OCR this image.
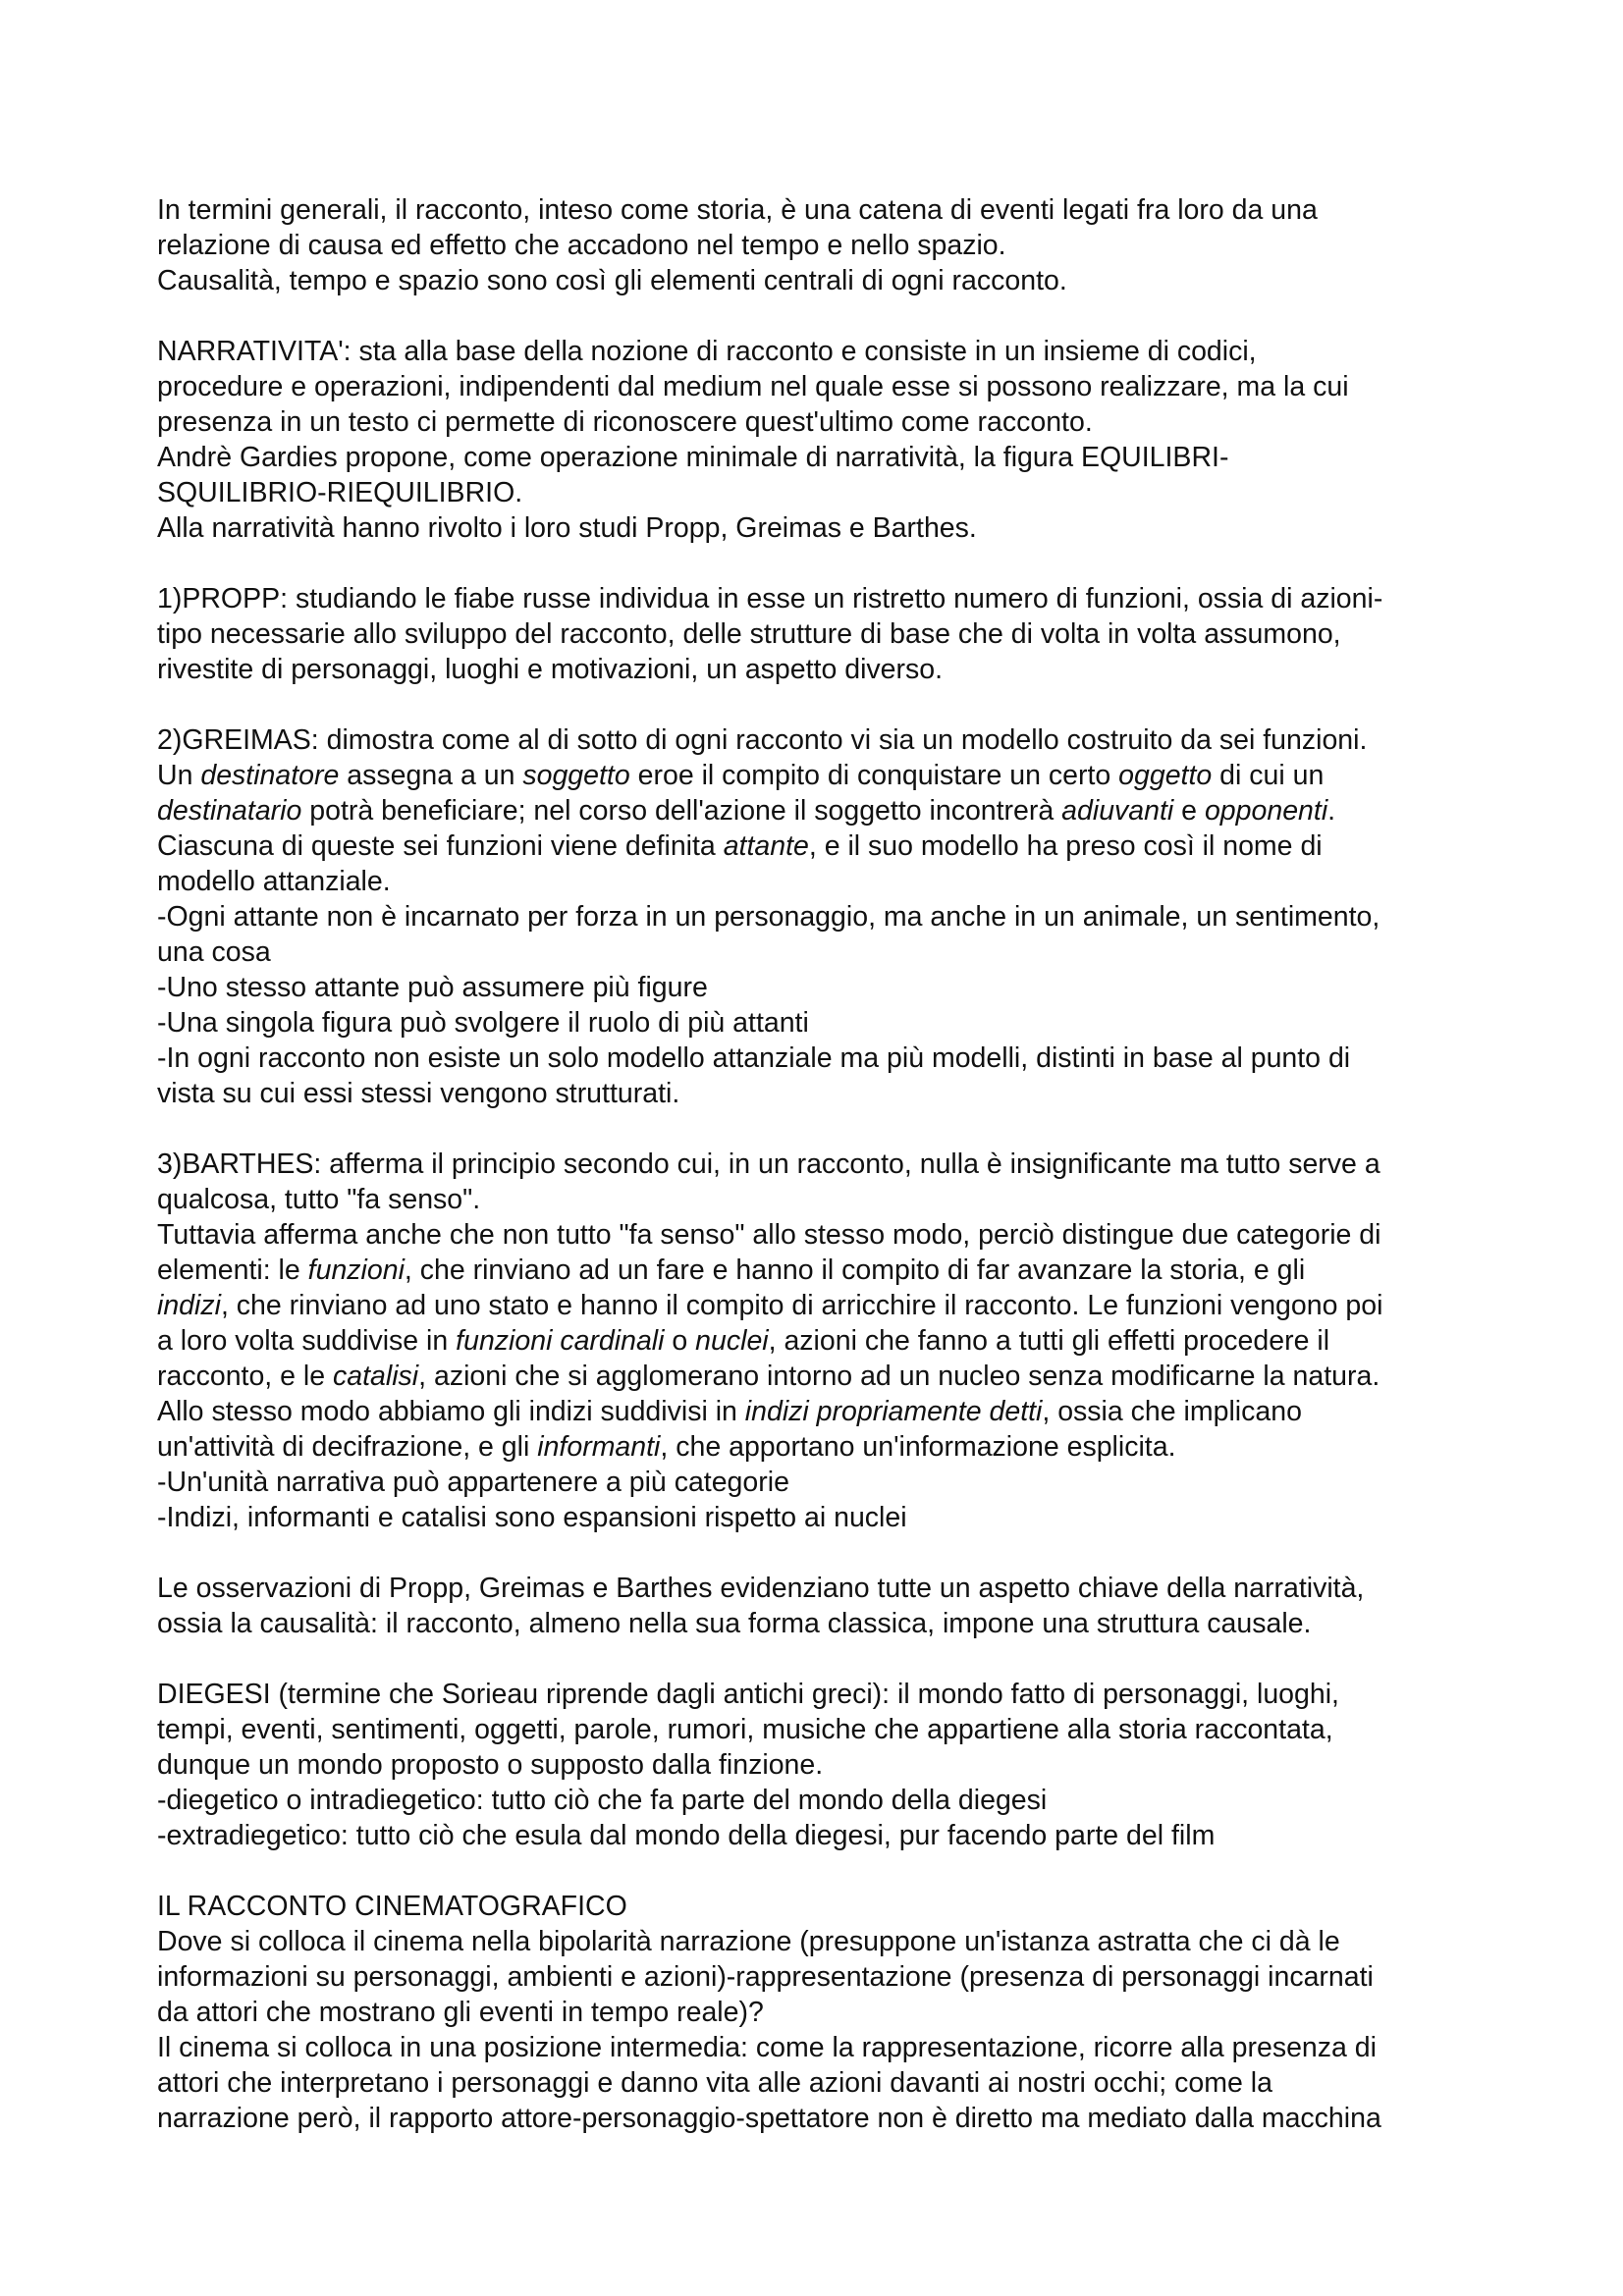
In termini generali, il racconto, inteso come storia, è una catena di eventi legati fra loro da una
relazione di causa ed effetto che accadono nel tempo e nello spazio.
Causalità, tempo e spazio sono così gli elementi centrali di ogni racconto.
NARRATIVITA': sta alla base della nozione di racconto e consiste in un insieme di codici,
procedure e operazioni, indipendenti dal medium nel quale esse si possono realizzare, ma la cui
presenza in un testo ci permette di riconoscere quest'ultimo come racconto.
Andrè Gardies propone, come operazione minimale di narratività, la figura EQUILIBRI-
SQUILIBRIO-RIEQUILIBRIO.
Alla narratività hanno rivolto i loro studi Propp, Greimas e Barthes.
1)PROPP: studiando le fiabe russe individua in esse un ristretto numero di funzioni, ossia di azioni-
tipo necessarie allo sviluppo del racconto, delle strutture di base che di volta in volta assumono,
rivestite di personaggi, luoghi e motivazioni, un aspetto diverso.
2)GREIMAS: dimostra come al di sotto di ogni racconto vi sia un modello costruito da sei funzioni.
Un destinatore assegna a un soggetto eroe il compito di conquistare un certo oggetto di cui un
destinatario potrà beneficiare; nel corso dell'azione il soggetto incontrerà adiuvanti e opponenti.
Ciascuna di queste sei funzioni viene definita attante, e il suo modello ha preso così il nome di
modello attanziale.
-Ogni attante non è incarnato per forza in un personaggio, ma anche in un animale, un sentimento,
una cosa
-Uno stesso attante può assumere più figure
-Una singola figura può svolgere il ruolo di più attanti
-In ogni racconto non esiste un solo modello attanziale ma più modelli, distinti in base al punto di
vista su cui essi stessi vengono strutturati.
3)BARTHES: afferma il principio secondo cui, in un racconto, nulla è insignificante ma tutto serve a
qualcosa, tutto "fa senso".
Tuttavia afferma anche che non tutto "fa senso" allo stesso modo, perciò distingue due categorie di
elementi: le funzioni, che rinviano ad un fare e hanno il compito di far avanzare la storia, e gli
indizi, che rinviano ad uno stato e hanno il compito di arricchire il racconto. Le funzioni vengono poi
a loro volta suddivise in funzioni cardinali o nuclei, azioni che fanno a tutti gli effetti procedere il
racconto, e le catalisi, azioni che si agglomerano intorno ad un nucleo senza modificarne la natura.
Allo stesso modo abbiamo gli indizi suddivisi in indizi propriamente detti, ossia che implicano
un'attività di decifrazione, e gli informanti, che apportano un'informazione esplicita.
-Un'unità narrativa può appartenere a più categorie
-Indizi, informanti e catalisi sono espansioni rispetto ai nuclei
Le osservazioni di Propp, Greimas e Barthes evidenziano tutte un aspetto chiave della narratività,
ossia la causalità: il racconto, almeno nella sua forma classica, impone una struttura causale.
DIEGESI (termine che Sorieau riprende dagli antichi greci): il mondo fatto di personaggi, luoghi,
tempi, eventi, sentimenti, oggetti, parole, rumori, musiche che appartiene alla storia raccontata,
dunque un mondo proposto o supposto dalla finzione.
-diegetico o intradiegetico: tutto ciò che fa parte del mondo della diegesi
-extradiegetico: tutto ciò che esula dal mondo della diegesi, pur facendo parte del film
IL RACCONTO CINEMATOGRAFICO
Dove si colloca il cinema nella bipolarità narrazione (presuppone un'istanza astratta che ci dà le
informazioni su personaggi, ambienti e azioni)-rappresentazione (presenza di personaggi incarnati
da attori che mostrano gli eventi in tempo reale)?
Il cinema si colloca in una posizione intermedia: come la rappresentazione, ricorre alla presenza di
attori che interpretano i personaggi e danno vita alle azioni davanti ai nostri occhi; come la
narrazione però, il rapporto attore-personaggio-spettatore non è diretto ma mediato dalla macchina
